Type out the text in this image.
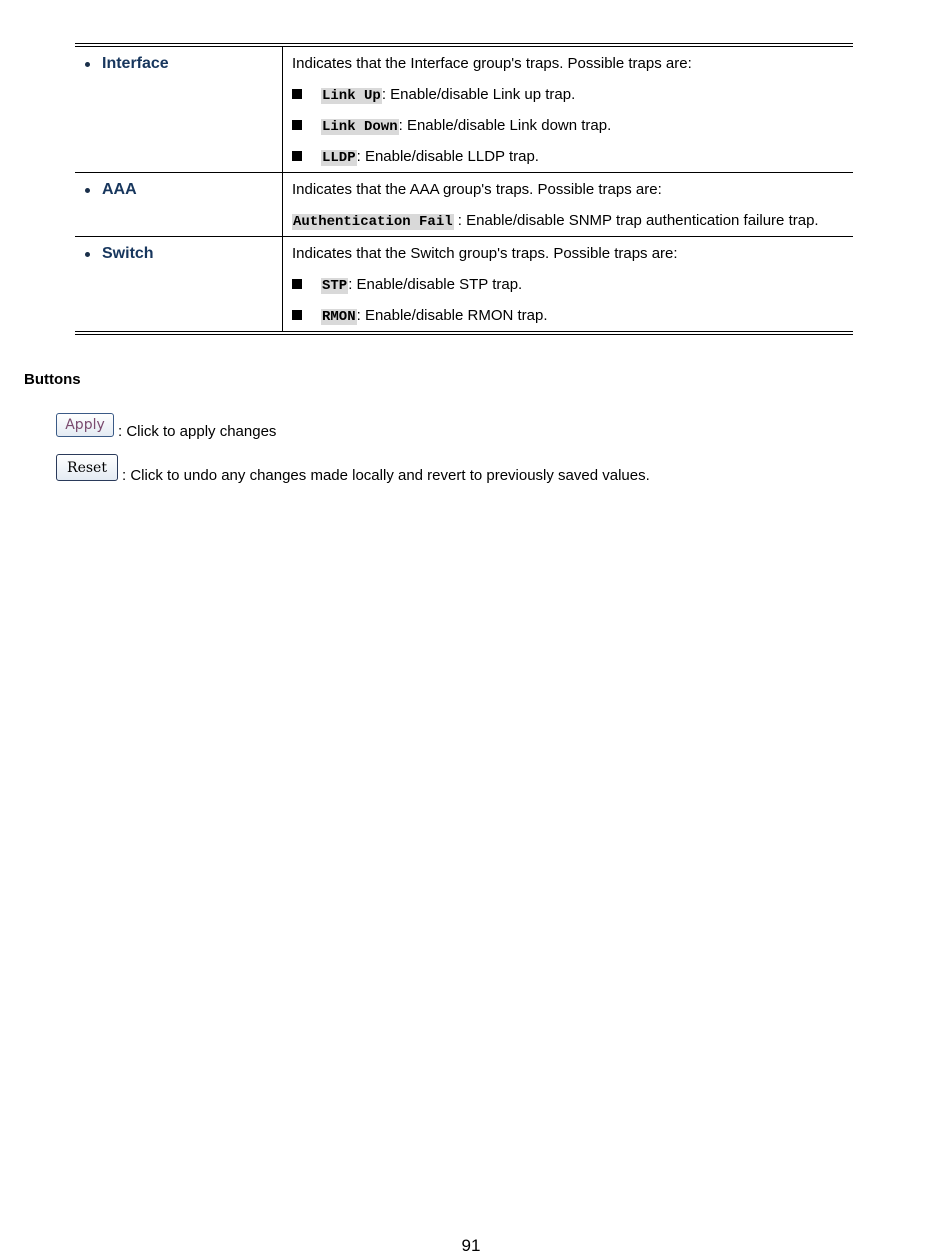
Interface	Indicates that the Interface group's traps. Possible traps are:
Link Up: Enable/disable Link up trap.
Link Down: Enable/disable Link down trap.
LLDP: Enable/disable LLDP trap.

AAA	Indicates that the AAA group's traps. Possible traps are:
Authentication Fail : Enable/disable SNMP trap authentication failure trap.

Switch	Indicates that the Switch group's traps. Possible traps are:
STP: Enable/disable STP trap.
RMON: Enable/disable RMON trap.
Buttons
Apply : Click to apply changes
Reset	: Click to undo any changes made locally and revert to previously saved values.
91
